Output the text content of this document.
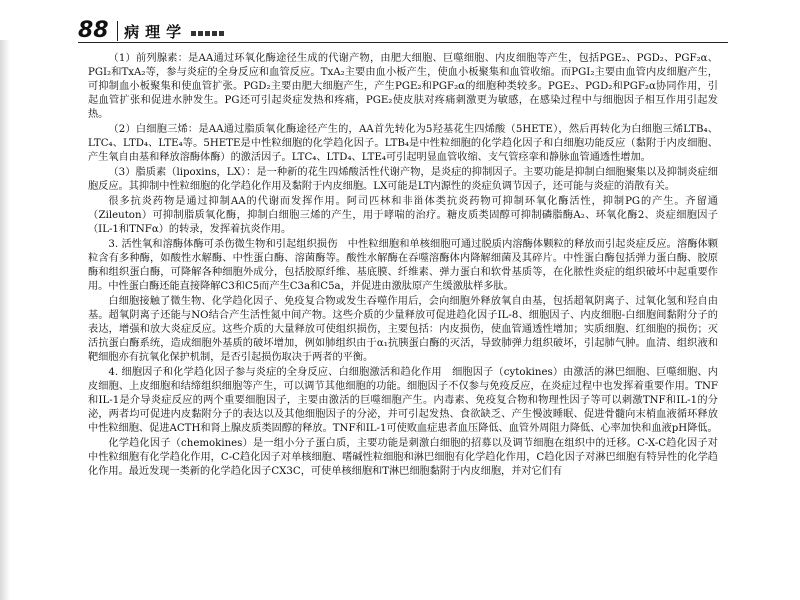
88	病理学

（1）前列腺素：是AA通过环氧化酶途径生成的代谢产物，由肥大细胞、巨噬细胞、内皮细胞等产生，包括PGE₂、PGD₂、PGF₂α、PGI₂和TxA₂等，参与炎症的全身反应和血管反应。TxA₂主要由血小板产生，使血小板聚集和血管收缩。而PGI₂主要由血管内皮细胞产生，可抑制血小板聚集和使血管扩张。PGD₂主要由肥大细胞产生，产生PGE₂和PGF₂α的细胞种类较多。PGE₂、PGD₂和PGF₂α协同作用，引起血管扩张和促进水肿发生。PG还可引起炎症发热和疼痛，PGE₂使皮肤对疼痛刺激更为敏感，在感染过程中与细胞因子相互作用引起发热。

（2）白细胞三烯：是AA通过脂质氧化酶途径产生的，AA首先转化为5羟基花生四烯酸（5HETE），然后再转化为白细胞三烯LTB₄、LTC₄、LTD₄、LTE₄等。5HETE是中性粒细胞的化学趋化因子。LTB₄是中性粒细胞的化学趋化因子和白细胞功能反应（黏附于内皮细胞、产生氧自由基和释放溶酶体酶）的激活因子。LTC₄、LTD₄、LTE₄可引起明显血管收缩、支气管痉挛和静脉血管通透性增加。

（3）脂质素（lipoxins，LX）：是一种新的花生四烯酸活性代谢产物，是炎症的抑制因子。主要功能是抑制白细胞聚集以及抑制炎症细胞反应。其抑制中性粒细胞的化学趋化作用及黏附于内皮细胞。LX可能是LT内源性的炎症负调节因子，还可能与炎症的消散有关。

很多抗炎药物是通过抑制AA的代谢而发挥作用。阿司匹林和非甾体类抗炎药物可抑制环氧化酶活性，抑制PG的产生。齐留通（Zileuton）可抑制脂质氧化酶，抑制白细胞三烯的产生，用于哮喘的治疗。糖皮质类固醇可抑制磷脂酶A₂、环氧化酶2、炎症细胞因子（IL-1和TNFα）的转录，发挥着抗炎作用。

3. 活性氧和溶酶体酶可杀伤微生物和引起组织损伤　中性粒细胞和单核细胞可通过脱质内溶酶体颗粒的释放而引起炎症反应。溶酶体颗粒含有多种酶，如酸性水解酶、中性蛋白酶、溶菌酶等。酸性水解酶在吞噬溶酶体内降解细菌及其碎片。中性蛋白酶包括弹力蛋白酶、胶原酶和组织蛋白酶，可降解各种细胞外成分，包括胶原纤维、基底膜、纤维素、弹力蛋白和软骨基质等，在化脓性炎症的组织破坏中起重要作用。中性蛋白酶还能直接降解C3和C5而产生C3a和C5a，并促进由激肽原产生缓激肽样多肽。

白细胞接触了微生物、化学趋化因子、免疫复合物或发生吞噬作用后，会向细胞外释放氧自由基，包括超氧阴离子、过氧化氢和羟自由基。超氧阴离子还能与NO结合产生活性氮中间产物。这些介质的少量释放可促进趋化因子IL-8、细胞因子、内皮细胞-白细胞间黏附分子的表达，增强和放大炎症反应。这些介质的大量释放可使组织损伤，主要包括：内皮损伤，使血管通透性增加；实质细胞、红细胞的损伤；灭活抗蛋白酶系统，造成细胞外基质的破坏增加，例如肺组织由于α₁抗胰蛋白酶的灭活，导致肺弹力组织破坏，引起肺气肿。血清、组织液和靶细胞亦有抗氧化保护机制，是否引起损伤取决于两者的平衡。

4. 细胞因子和化学趋化因子参与炎症的全身反应、白细胞激活和趋化作用　细胞因子（cytokines）由激活的淋巴细胞、巨噬细胞、内皮细胞、上皮细胞和结缔组织细胞等产生，可以调节其他细胞的功能。细胞因子不仅参与免疫反应，在炎症过程中也发挥着重要作用。TNF和IL-1是介导炎症反应的两个重要细胞因子，主要由激活的巨噬细胞产生。内毒素、免疫复合物和物理性因子等可以刺激TNF和IL-1的分泌，两者均可促进内皮黏附分子的表达以及其他细胞因子的分泌，并可引起发热、食欲缺乏、产生慢波睡眠、促进骨髓向末梢血液循环释放中性粒细胞、促进ACTH和肾上腺皮质类固醇的释放。TNF和IL-1可使败血症患者血压降低、血管外周阻力降低、心率加快和血液pH降低。

化学趋化因子（chemokines）是一组小分子蛋白质，主要功能是刺激白细胞的招募以及调节细胞在组织中的迁移。C-X-C趋化因子对中性粒细胞有化学趋化作用，C-C趋化因子对单核细胞、嗜碱性粒细胞和淋巴细胞有化学趋化作用，C趋化因子对淋巴细胞有特异性的化学趋化作用。最近发现一类新的化学趋化因子CX3C，可使单核细胞和T淋巴细胞黏附于内皮细胞，并对它们有
